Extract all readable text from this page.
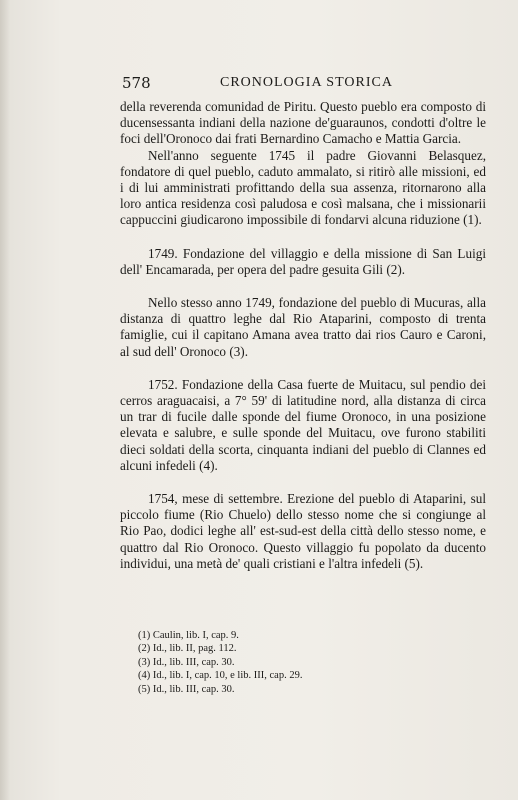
578	CRONOLOGIA STORICA

della reverenda comunidad de Piritu. Questo pueblo era composto di ducensessanta indiani della nazione de'guaraunos, condotti d'oltre le foci dell'Oronoco dai frati Bernardino Camacho e Mattia Garcia.

Nell'anno seguente 1745 il padre Giovanni Belasquez, fondatore di quel pueblo, caduto ammalato, si ritirò alle missioni, ed i di lui amministrati profittando della sua assenza, ritornarono alla loro antica residenza così paludosa e così malsana, che i missionarii cappuccini giudicarono impossibile di fondarvi alcuna riduzione (1).

1749. Fondazione del villaggio e della missione di San Luigi dell' Encamarada, per opera del padre gesuita Gili (2).

Nello stesso anno 1749, fondazione del pueblo di Mucuras, alla distanza di quattro leghe dal Rio Ataparini, composto di trenta famiglie, cui il capitano Amana avea tratto dai rios Cauro e Caroni, al sud dell' Oronoco (3).

1752. Fondazione della Casa fuerte de Muitacu, sul pendio dei cerros araguacaisi, a 7° 59' di latitudine nord, alla distanza di circa un trar di fucile dalle sponde del fiume Oronoco, in una posizione elevata e salubre, e sulle sponde del Muitacu, ove furono stabiliti dieci soldati della scorta, cinquanta indiani del pueblo di Clannes ed alcuni infedeli (4).

1754, mese di settembre. Erezione del pueblo di Ataparini, sul piccolo fiume (Rio Chuelo) dello stesso nome che si congiunge al Rio Pao, dodici leghe all' est-sud-est della città dello stesso nome, e quattro dal Rio Oronoco. Questo villaggio fu popolato da ducento individui, una metà de' quali cristiani e l'altra infedeli (5).

(1) Caulin, lib. I, cap. 9.
(2) Id., lib. II, pag. 112.
(3) Id., lib. III, cap. 30.
(4) Id., lib. I, cap. 10, e lib. III, cap. 29.
(5) Id., lib. III, cap. 30.
